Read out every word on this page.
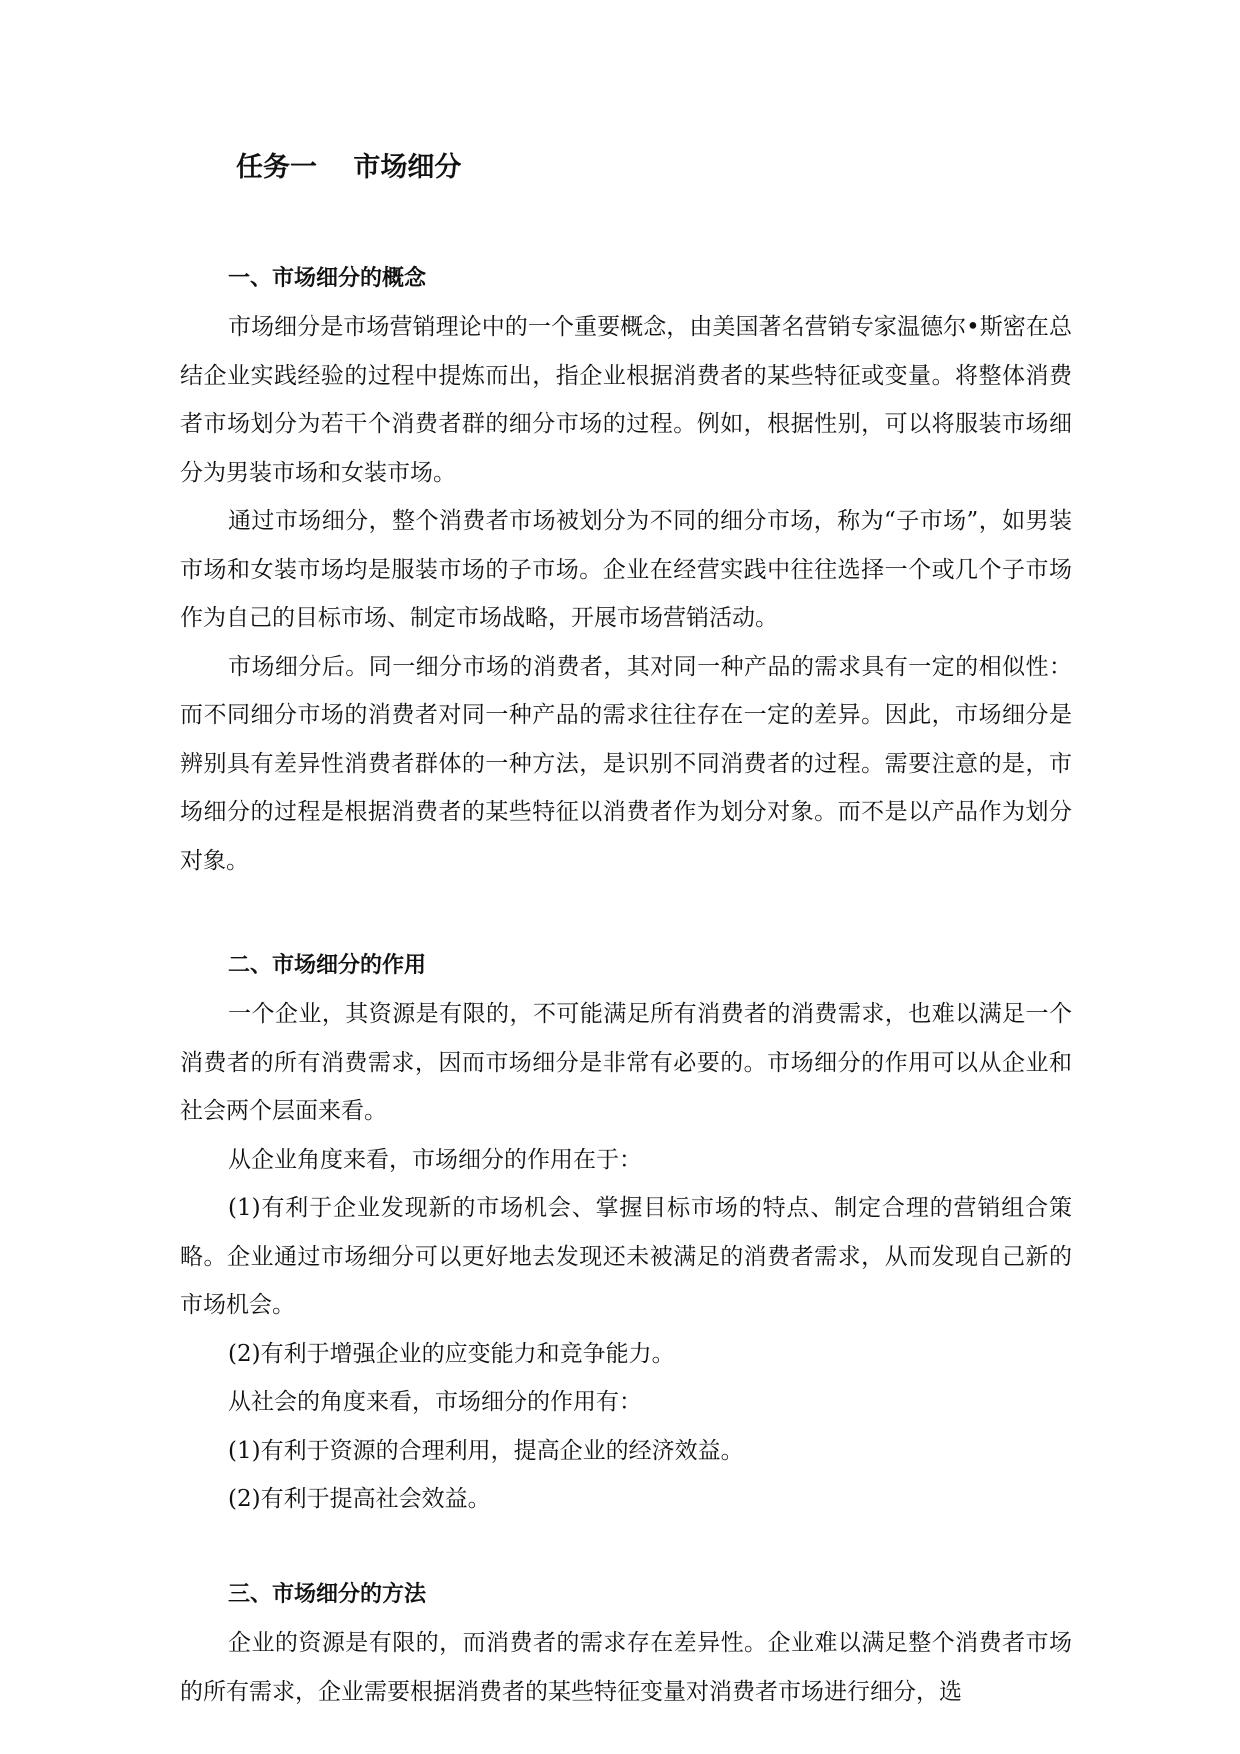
任务一　 市场细分
一、市场细分的概念

市场细分是市场营销理论中的一个重要概念，由美国著名营销专家温德尔•斯密在总结企业实践经验的过程中提炼而出，指企业根据消费者的某些特征或变量。将整体消费者市场划分为若干个消费者群的细分市场的过程。例如，根据性别，可以将服装市场细分为男装市场和女装市场。

通过市场细分，整个消费者市场被划分为不同的细分市场，称为“子市场”，如男装市场和女装市场均是服装市场的子市场。企业在经营实践中往往选择一个或几个子市场作为自己的目标市场、制定市场战略，开展市场营销活动。

市场细分后。同一细分市场的消费者，其对同一种产品的需求具有一定的相似性：而不同细分市场的消费者对同一种产品的需求往往存在一定的差异。因此，市场细分是辨别具有差异性消费者群体的一种方法，是识别不同消费者的过程。需要注意的是，市场细分的过程是根据消费者的某些特征以消费者作为划分对象。而不是以产品作为划分对象。

二、市场细分的作用

一个企业，其资源是有限的，不可能满足所有消费者的消费需求，也难以满足一个消费者的所有消费需求，因而市场细分是非常有必要的。市场细分的作用可以从企业和社会两个层面来看。

从企业角度来看，市场细分的作用在于：

(1)有利于企业发现新的市场机会、掌握目标市场的特点、制定合理的营销组合策略。企业通过市场细分可以更好地去发现还未被满足的消费者需求，从而发现自己新的市场机会。

(2)有利于增强企业的应变能力和竞争能力。

从社会的角度来看，市场细分的作用有：

(1)有利于资源的合理利用，提高企业的经济效益。

(2)有利于提高社会效益。

三、市场细分的方法

企业的资源是有限的，而消费者的需求存在差异性。企业难以满足整个消费者市场的所有需求，企业需要根据消费者的某些特征变量对消费者市场进行细分，选
